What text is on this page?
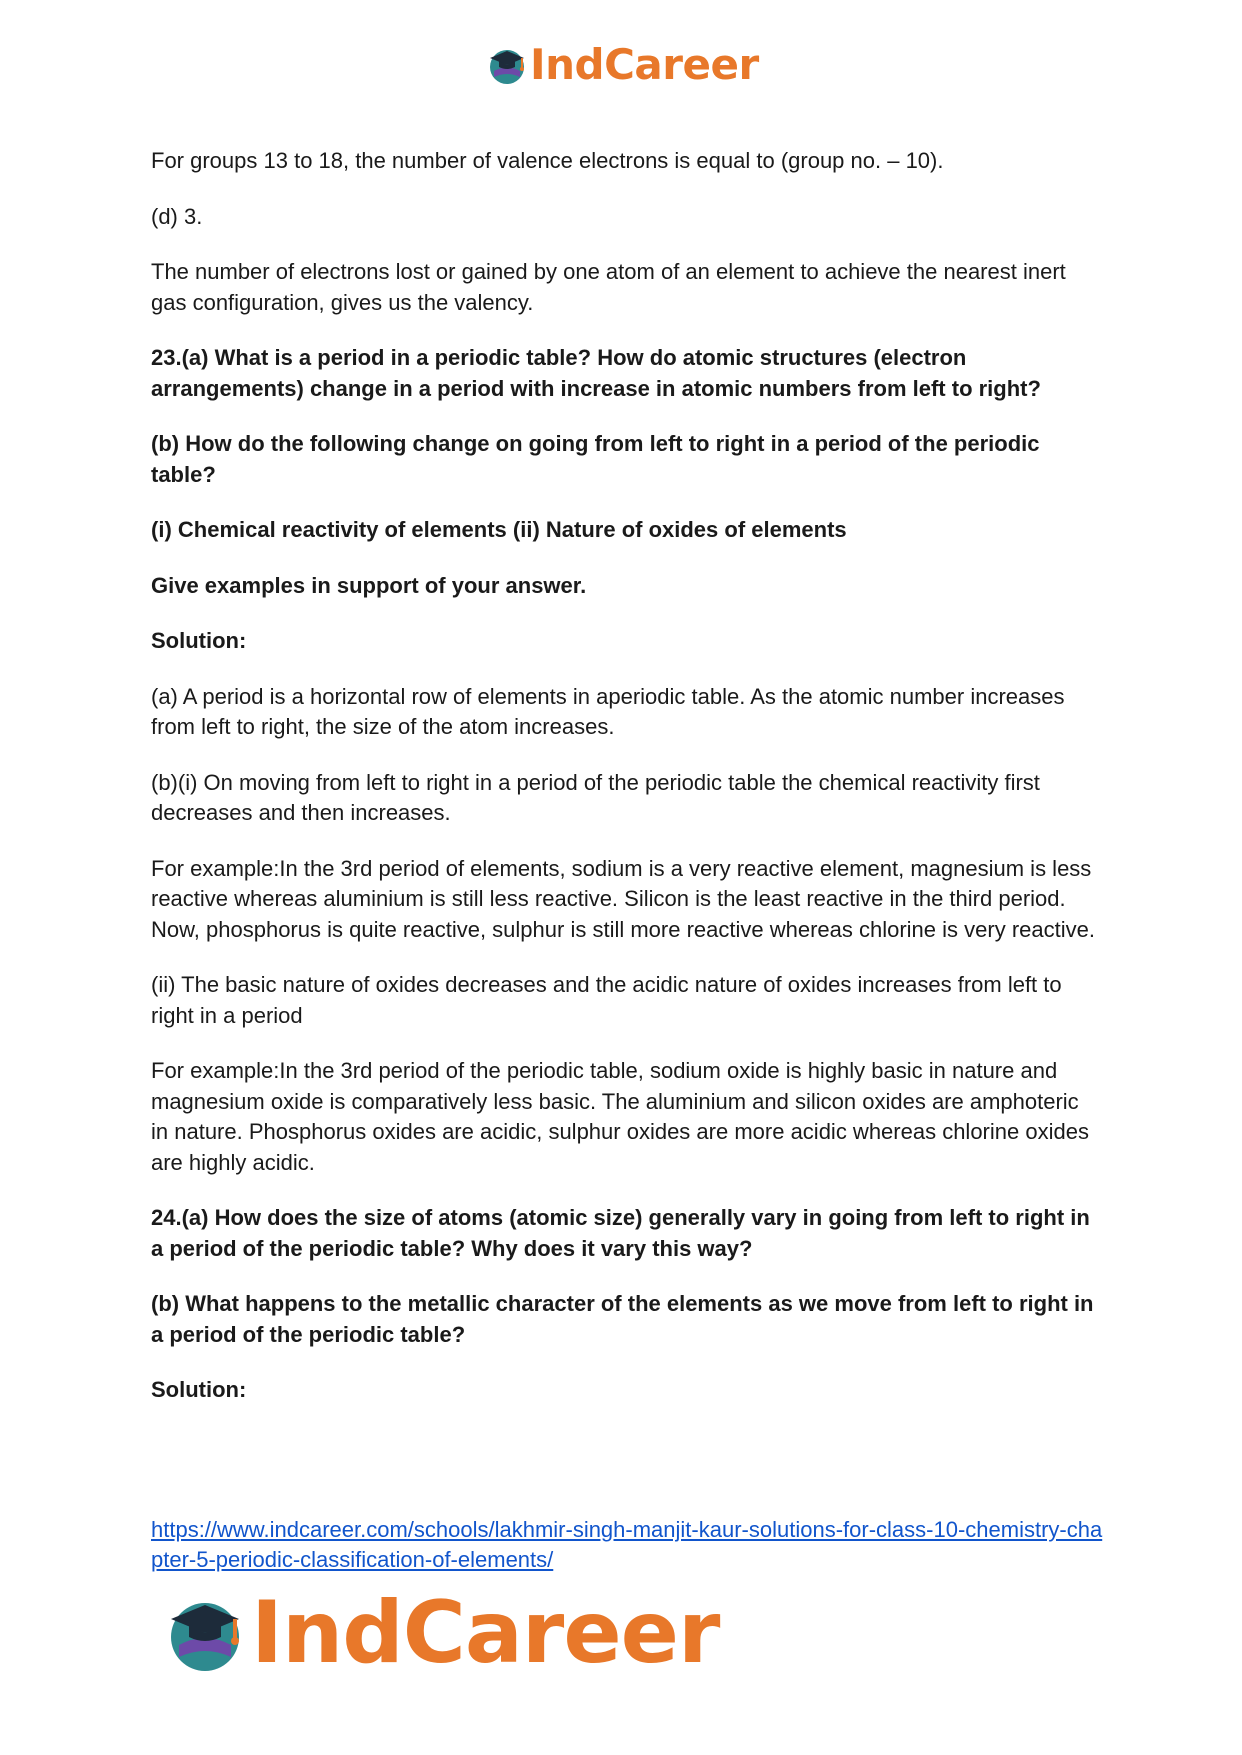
IndCareer

For groups 13 to 18, the number of valence electrons is equal to (group no. – 10).

(d) 3.

The number of electrons lost or gained by one atom of an element to achieve the nearest inert gas configuration, gives us the valency.

23.(a) What is a period in a periodic table? How do atomic structures (electron arrangements) change in a period with increase in atomic numbers from left to right?

(b) How do the following change on going from left to right in a period of the periodic table?

(i) Chemical reactivity of elements (ii) Nature of oxides of elements

Give examples in support of your answer.

Solution:

(a) A period is a horizontal row of elements in aperiodic table. As the atomic number increases from left to right, the size of the atom increases.

(b)(i) On moving from left to right in a period of the periodic table the chemical reactivity first decreases and then increases.

For example:In the 3rd period of elements, sodium is a very reactive element, magnesium is less reactive whereas aluminium is still less reactive. Silicon is the least reactive in the third period. Now, phosphorus is quite reactive, sulphur is still more reactive whereas chlorine is very reactive.

(ii) The basic nature of oxides decreases and the acidic nature of oxides increases from left to right in a period

For example:In the 3rd period of the periodic table, sodium oxide is highly basic in nature and magnesium oxide is comparatively less basic. The aluminium and silicon oxides are amphoteric in nature. Phosphorus oxides are acidic, sulphur oxides are more acidic whereas chlorine oxides are highly acidic.

24.(a) How does the size of atoms (atomic size) generally vary in going from left to right in a period of the periodic table? Why does it vary this way?

(b) What happens to the metallic character of the elements as we move from left to right in a period of the periodic table?

Solution:

https://www.indcareer.com/schools/lakhmir-singh-manjit-kaur-solutions-for-class-10-chemistry-chapter-5-periodic-classification-of-elements/
IndCareer
